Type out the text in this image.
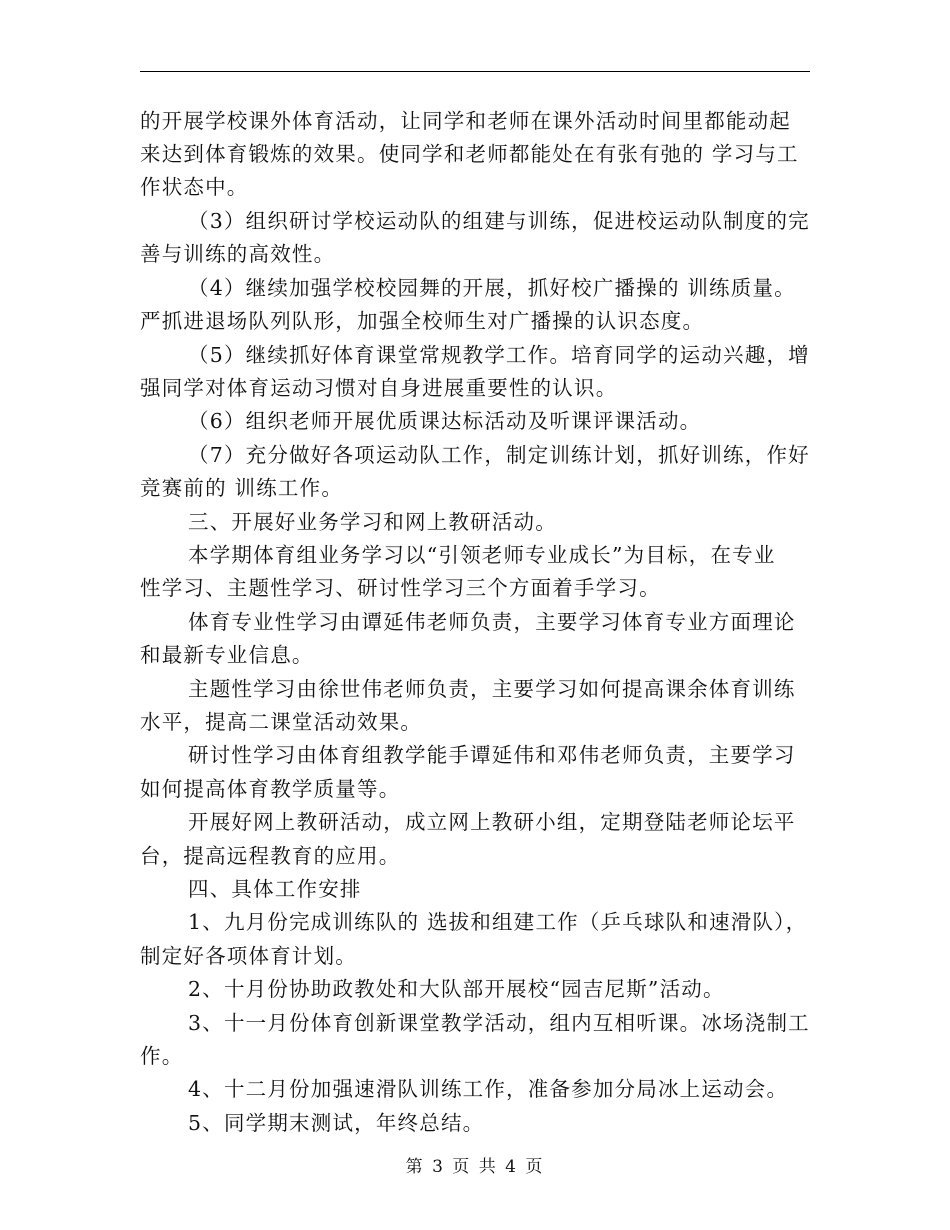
的开展学校课外体育活动，让同学和老师在课外活动时间里都能动起
来达到体育锻炼的效果。使同学和老师都能处在有张有弛的 学习与工
作状态中。
（3）组织研讨学校运动队的组建与训练，促进校运动队制度的完
善与训练的高效性。
（4）继续加强学校校园舞的开展，抓好校广播操的 训练质量。
严抓进退场队列队形，加强全校师生对广播操的认识态度。
（5）继续抓好体育课堂常规教学工作。培育同学的运动兴趣，增
强同学对体育运动习惯对自身进展重要性的认识。
（6）组织老师开展优质课达标活动及听课评课活动。
（7）充分做好各项运动队工作，制定训练计划，抓好训练，作好
竞赛前的 训练工作。
三、开展好业务学习和网上教研活动。
本学期体育组业务学习以“引领老师专业成长”为目标，在专业
性学习、主题性学习、研讨性学习三个方面着手学习。
体育专业性学习由谭延伟老师负责，主要学习体育专业方面理论
和最新专业信息。
主题性学习由徐世伟老师负责，主要学习如何提高课余体育训练
水平，提高二课堂活动效果。
研讨性学习由体育组教学能手谭延伟和邓伟老师负责，主要学习
如何提高体育教学质量等。
开展好网上教研活动，成立网上教研小组，定期登陆老师论坛平
台，提高远程教育的应用。
四、具体工作安排
1、九月份完成训练队的 选拔和组建工作（乒乓球队和速滑队），
制定好各项体育计划。
2、十月份协助政教处和大队部开展校“园吉尼斯”活动。
3、十一月份体育创新课堂教学活动，组内互相听课。冰场浇制工
作。
4、十二月份加强速滑队训练工作，准备参加分局冰上运动会。
5、同学期末测试，年终总结。
第 3 页 共 4 页
